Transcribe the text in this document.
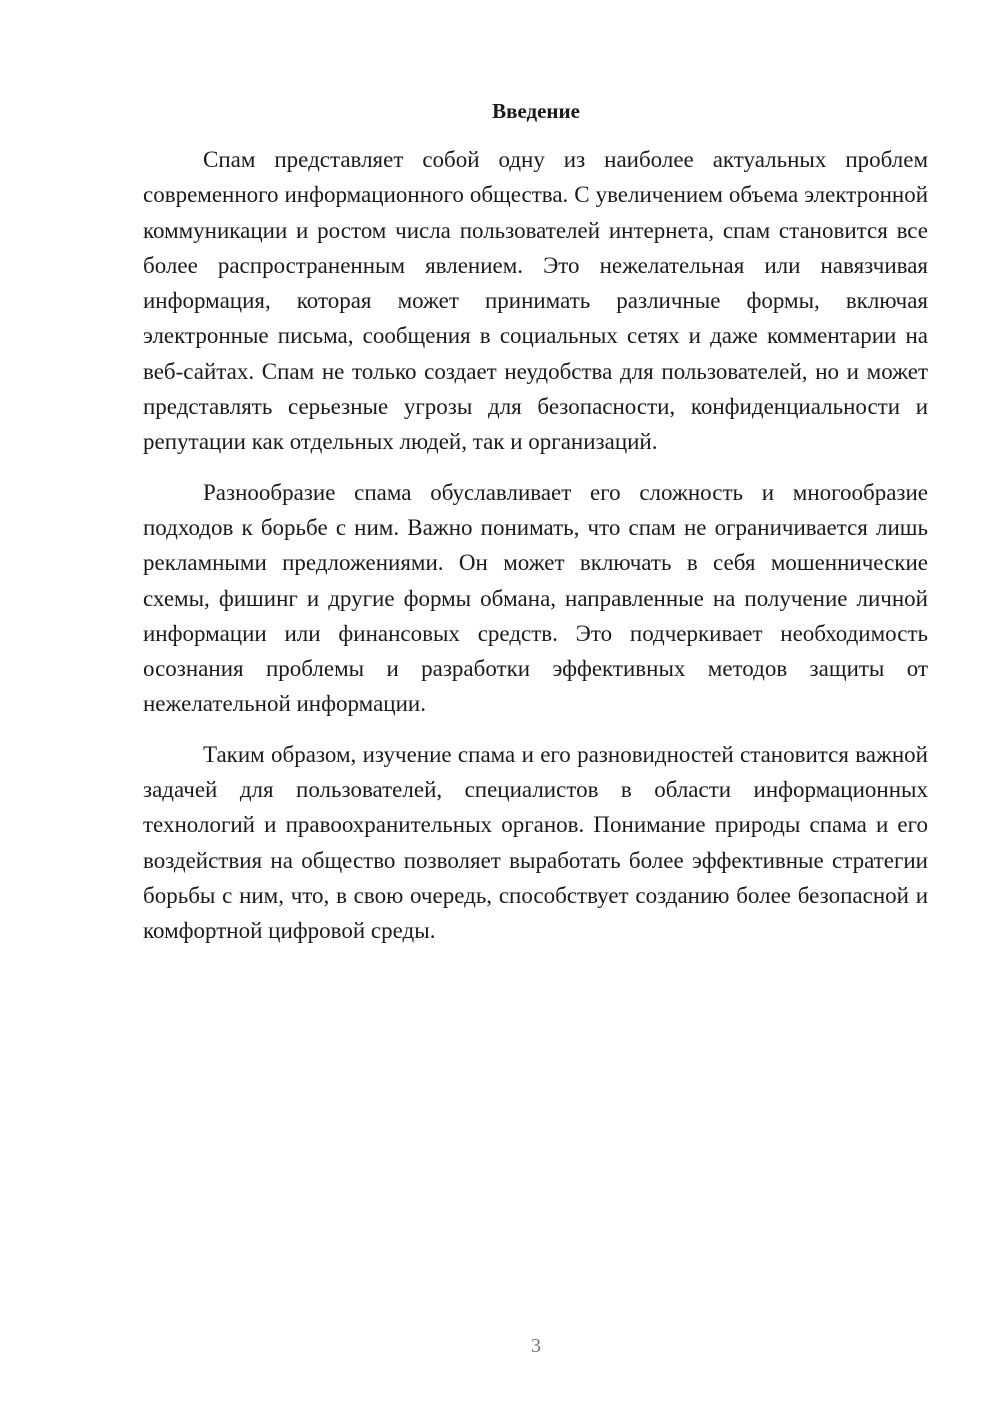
Введение

Спам представляет собой одну из наиболее актуальных проблем современного информационного общества. С увеличением объема электронной коммуникации и ростом числа пользователей интернета, спам становится все более распространенным явлением. Это нежелательная или навязчивая информация, которая может принимать различные формы, включая электронные письма, сообщения в социальных сетях и даже комментарии на веб-сайтах. Спам не только создает неудобства для пользователей, но и может представлять серьезные угрозы для безопасности, конфиденциальности и репутации как отдельных людей, так и организаций.

Разнообразие спама обуславливает его сложность и многообразие подходов к борьбе с ним. Важно понимать, что спам не ограничивается лишь рекламными предложениями. Он может включать в себя мошеннические схемы, фишинг и другие формы обмана, направленные на получение личной информации или финансовых средств. Это подчеркивает необходимость осознания проблемы и разработки эффективных методов защиты от нежелательной информации.

Таким образом, изучение спама и его разновидностей становится важной задачей для пользователей, специалистов в области информационных технологий и правоохранительных органов. Понимание природы спама и его воздействия на общество позволяет выработать более эффективные стратегии борьбы с ним, что, в свою очередь, способствует созданию более безопасной и комфортной цифровой среды.

3
